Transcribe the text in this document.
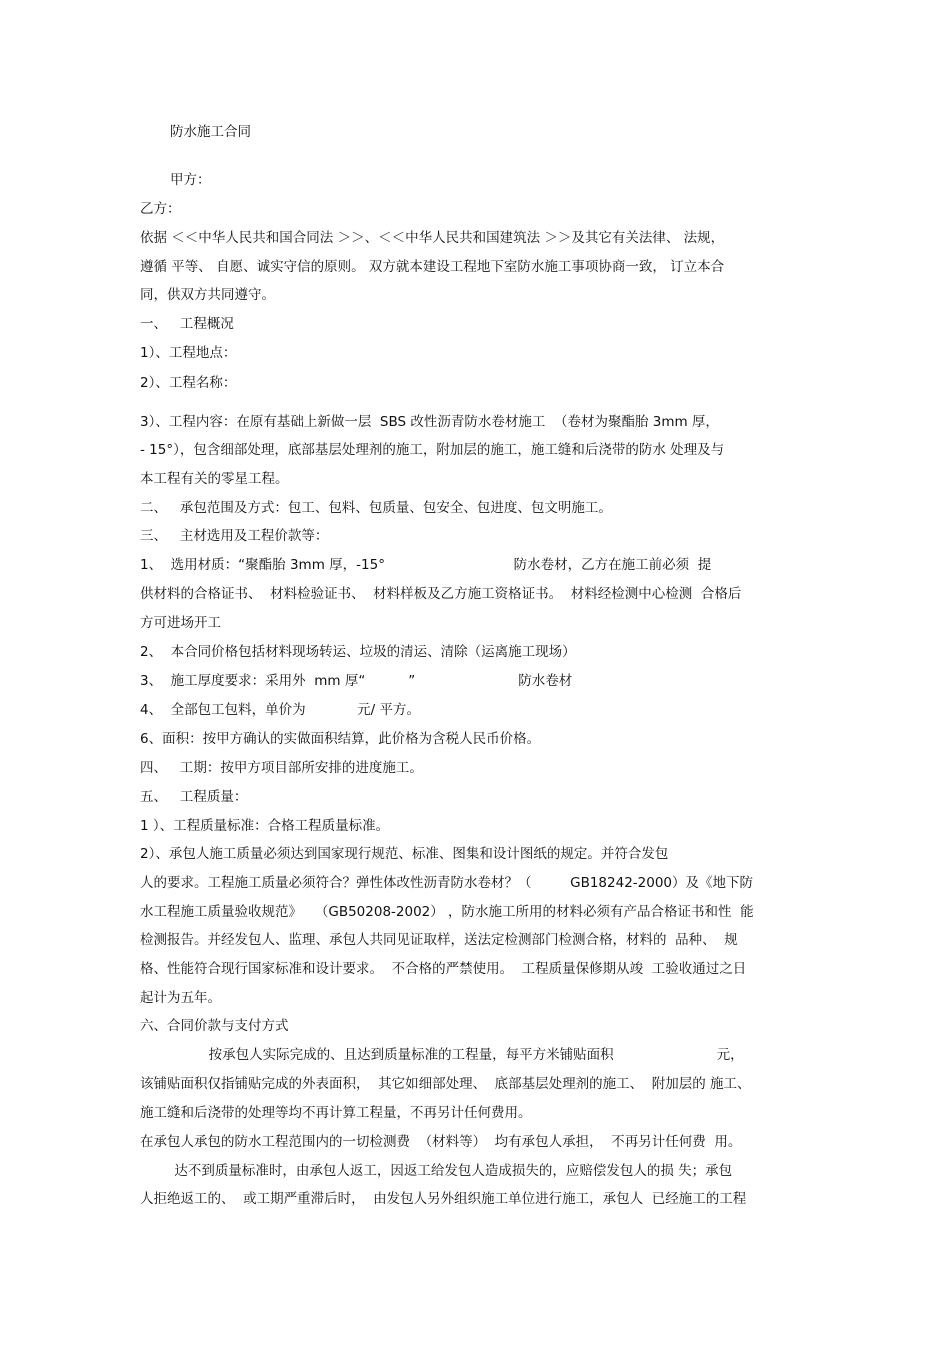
防水施工合同
甲方：
乙方：
依据 ＜＜中华人民共和国合同法 ＞＞、＜＜中华人民共和国建筑法 ＞＞及其它有关法律、 法规，
遵循 平等、 自愿、诚实守信的原则。 双方就本建设工程地下室防水施工事项协商一致， 订立本合
同，供双方共同遵守。
一、   工程概况
1）、工程地点：
2）、工程名称：
3）、工程内容：在原有基础上新做一层  SBS 改性沥青防水卷材施工  （卷材为聚酯胎 3mm 厚，
- 15°），包含细部处理，底部基层处理剂的施工，附加层的施工，施工缝和后浇带的防水 处理及与
本工程有关的零星工程。
二、   承包范围及方式：包工、包料、包质量、包安全、包进度、包文明施工。
三、   主材选用及工程价款等：
1、  选用材质：“聚酯胎 3mm 厚，-15°                              防水卷材，乙方在施工前必须  提
供材料的合格证书、  材料检验证书、  材料样板及乙方施工资格证书。  材料经检测中心检测  合格后
方可进场开工
2、  本合同价格包括材料现场转运、垃圾的清运、清除（运离施工现场）
3、  施工厚度要求：采用外  mm 厚“          ”                        防水卷材
4、  全部包工包料，单价为            元/ 平方。
6、面积：按甲方确认的实做面积结算，此价格为含税人民币价格。
四、   工期：按甲方项目部所安排的进度施工。
五、   工程质量：
1 ）、工程质量标准：合格工程质量标准。
2）、承包人施工质量必须达到国家现行规范、标准、图集和设计图纸的规定。并符合发包
人的要求。工程施工质量必须符合？弹性体改性沥青防水卷材？（         GB18242-2000）及《地下防
水工程施工质量验收规范》   （GB50208-2002） ，防水施工所用的材料必须有产品合格证书和性  能
检测报告。并经发包人、监理、承包人共同见证取样，送法定检测部门检测合格，材料的  品种、  规
格、性能符合现行国家标准和设计要求。  不合格的严禁使用。  工程质量保修期从竣  工验收通过之日
起计为五年。
六、合同价款与支付方式
按承包人实际完成的、且达到质量标准的工程量，每平方米铺贴面积                        元，
该铺贴面积仅指铺贴完成的外表面积，  其它如细部处理、  底部基层处理剂的施工、  附加层的 施工、
施工缝和后浇带的处理等均不再计算工程量，不再另计任何费用。
在承包人承包的防水工程范围内的一切检测费  （材料等）  均有承包人承担，  不再另计任何费  用。
达不到质量标准时，由承包人返工，因返工给发包人造成损失的，应赔偿发包人的损 失；承包
人拒绝返工的、  或工期严重滞后时，  由发包人另外组织施工单位进行施工，承包人  已经施工的工程
